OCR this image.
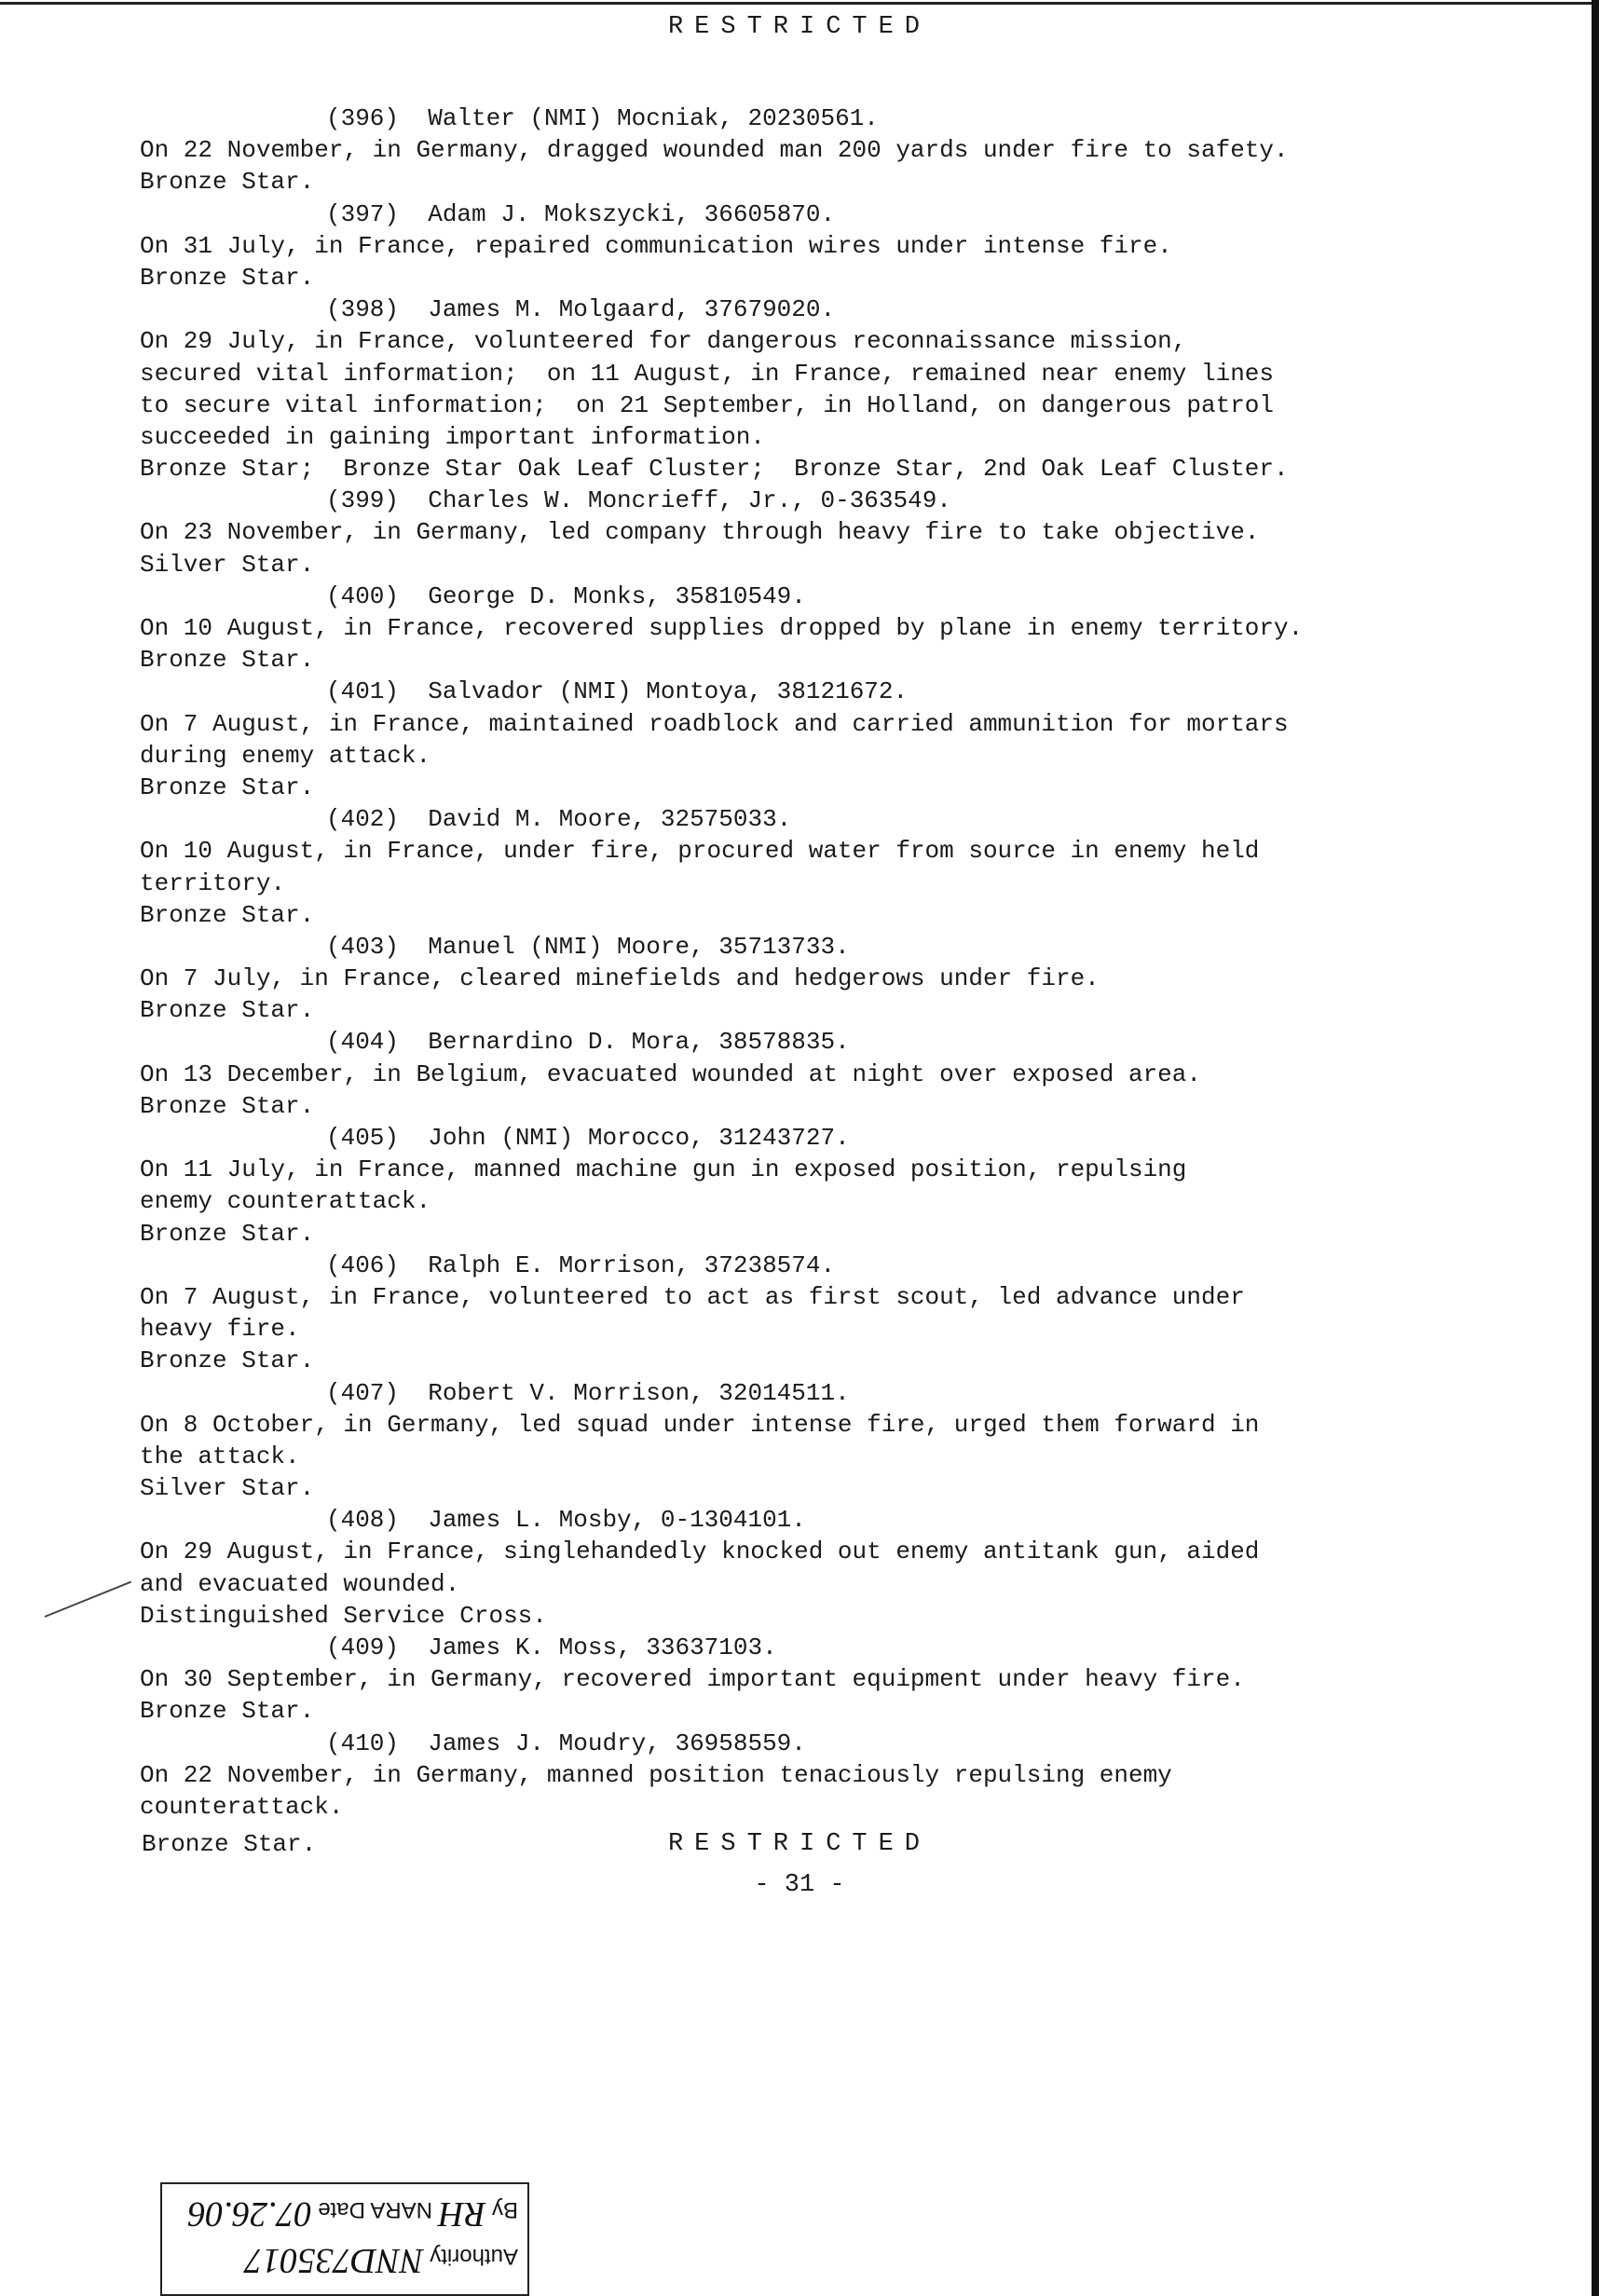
RESTRICTED
(396)  Walter (NMI) Mocniak, 20230561.
On 22 November, in Germany, dragged wounded man 200 yards under fire to safety.
Bronze Star.
(397)  Adam J. Mokszycki, 36605870.
On 31 July, in France, repaired communication wires under intense fire.
Bronze Star.
(398)  James M. Molgaard, 37679020.
On 29 July, in France, volunteered for dangerous reconnaissance mission,
secured vital information;  on 11 August, in France, remained near enemy lines
to secure vital information;  on 21 September, in Holland, on dangerous patrol
succeeded in gaining important information.
Bronze Star;  Bronze Star Oak Leaf Cluster;  Bronze Star, 2nd Oak Leaf Cluster.
(399)  Charles W. Moncrieff, Jr., 0-363549.
On 23 November, in Germany, led company through heavy fire to take objective.
Silver Star.
(400)  George D. Monks, 35810549.
On 10 August, in France, recovered supplies dropped by plane in enemy territory.
Bronze Star.
(401)  Salvador (NMI) Montoya, 38121672.
On 7 August, in France, maintained roadblock and carried ammunition for mortars
during enemy attack.
Bronze Star.
(402)  David M. Moore, 32575033.
On 10 August, in France, under fire, procured water from source in enemy held
territory.
Bronze Star.
(403)  Manuel (NMI) Moore, 35713733.
On 7 July, in France, cleared minefields and hedgerows under fire.
Bronze Star.
(404)  Bernardino D. Mora, 38578835.
On 13 December, in Belgium, evacuated wounded at night over exposed area.
Bronze Star.
(405)  John (NMI) Morocco, 31243727.
On 11 July, in France, manned machine gun in exposed position, repulsing
enemy counterattack.
Bronze Star.
(406)  Ralph E. Morrison, 37238574.
On 7 August, in France, volunteered to act as first scout, led advance under
heavy fire.
Bronze Star.
(407)  Robert V. Morrison, 32014511.
On 8 October, in Germany, led squad under intense fire, urged them forward in
the attack.
Silver Star.
(408)  James L. Mosby, 0-1304101.
On 29 August, in France, singlehandedly knocked out enemy antitank gun, aided
and evacuated wounded.
Distinguished Service Cross.
(409)  James K. Moss, 33637103.
On 30 September, in Germany, recovered important equipment under heavy fire.
Bronze Star.
(410)  James J. Moudry, 36958559.
On 22 November, in Germany, manned position tenaciously repulsing enemy
counterattack.
Bronze Star.	RESTRICTED
- 31 -
Authority NND735017
By RH NARA Date 07.26.06
